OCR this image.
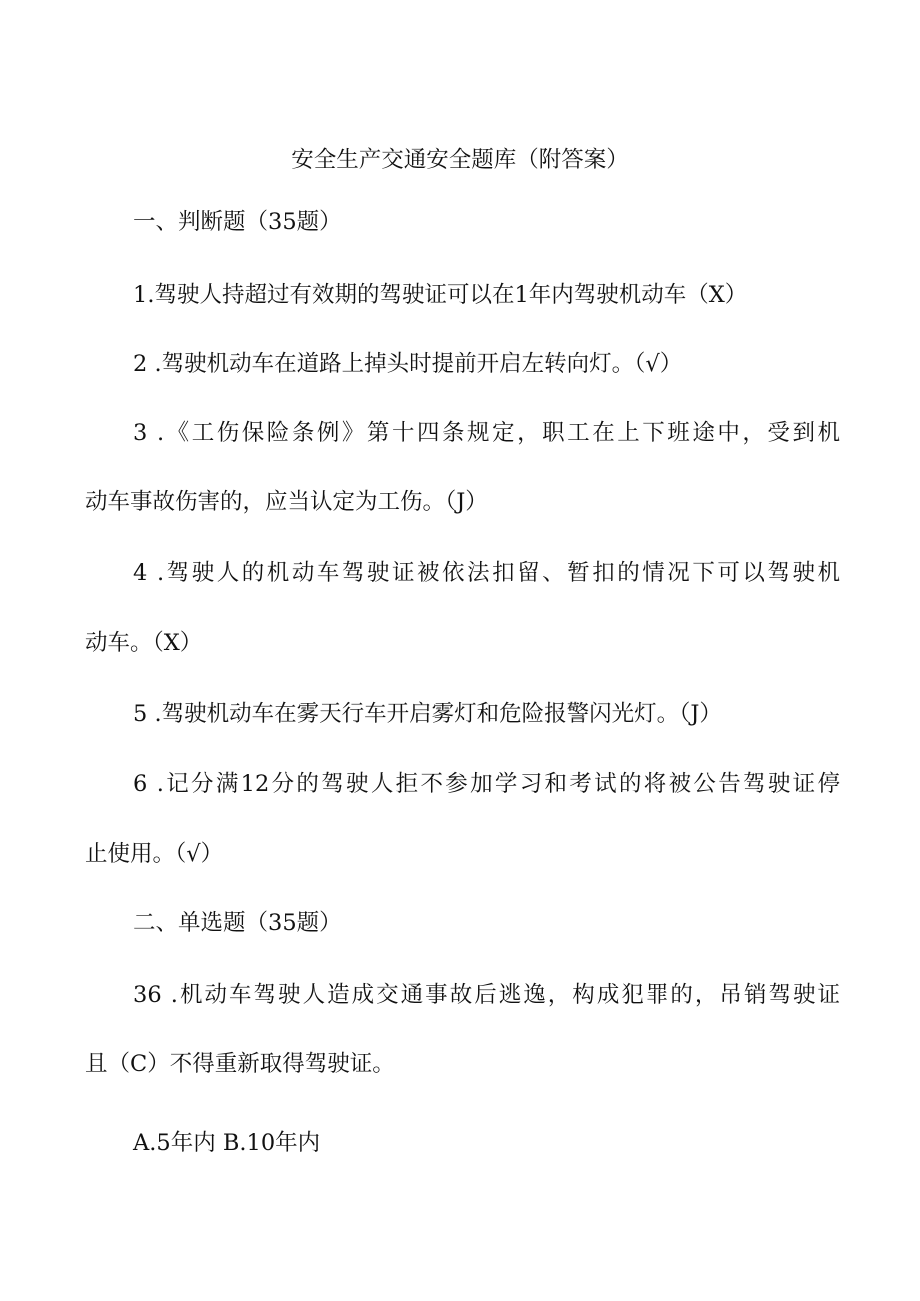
安全生产交通安全题库（附答案）

一、判断题（35题）

1.驾驶人持超过有效期的驾驶证可以在1年内驾驶机动车（X）

2 .驾驶机动车在道路上掉头时提前开启左转向灯。（√）

3 .《工伤保险条例》第十四条规定，职工在上下班途中，受到机

动车事故伤害的，应当认定为工伤。（J）

4 .驾驶人的机动车驾驶证被依法扣留、暂扣的情况下可以驾驶机

动车。（X）

5 .驾驶机动车在雾天行车开启雾灯和危险报警闪光灯。（J）

6 .记分满12分的驾驶人拒不参加学习和考试的将被公告驾驶证停

止使用。（√）

二、单选题（35题）

36 .机动车驾驶人造成交通事故后逃逸，构成犯罪的，吊销驾驶证

且（C）不得重新取得驾驶证。

A.5年内 B.10年内
